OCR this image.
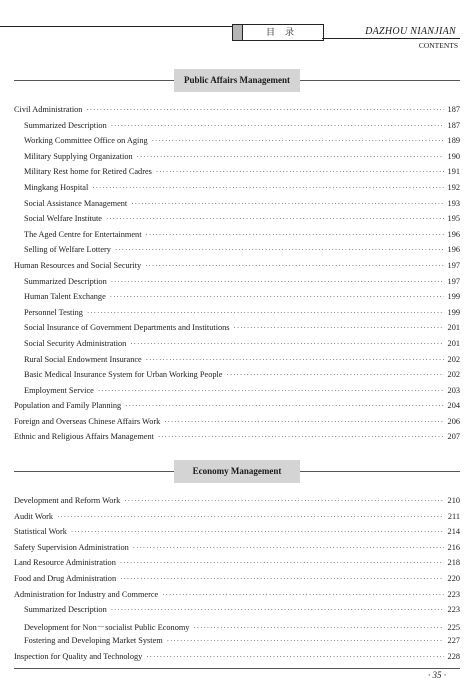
目录	DAZHOU NIANJIAN
CONTENTS
Public Affairs Management
Civil Administration ·····	187
Summarized Description ·····	187
Working Committee Office on Aging ·····	189
Military Supplying Organization ·····	190
Military Rest home for Retired Cadres ·····	191
Mingkang Hospital ·····	192
Social Assistance Management ·····	193
Social Welfare Institute ·····	195
The Aged Centre for Entertainment ·····	196
Selling of Welfare Lottery ·····	196
Human Resources and Social Security ·····	197
Summarized Description ·····	197
Human Talent Exchange ·····	199
Personnel Testing ·····	199
Social Insurance of Government Departments and Institutions ·····	201
Social Security Administration ·····	201
Rural Social Endowment Insurance ·····	202
Basic Medical Insurance System for Urban Working People ·····	202
Employment Service ·····	203
Population and Family Planning ·····	204
Foreign and Overseas Chinese Affairs Work ·····	206
Ethnic and Religious Affairs Management ·····	207
Economy Management
Development and Reform Work ·····	210
Audit Work ·····	211
Statistical Work ·····	214
Safety Supervision Administration ·····	216
Land Resource Administration ·····	218
Food and Drug Administration ·····	220
Administration for Industry and Commerce ·····	223
Summarized Description ·····	223
Development for Non－socialist Public Economy ·····	225
Fostering and Developing Market System ·····	227
Inspection for Quality and Technology ·····	228
· 35 ·
